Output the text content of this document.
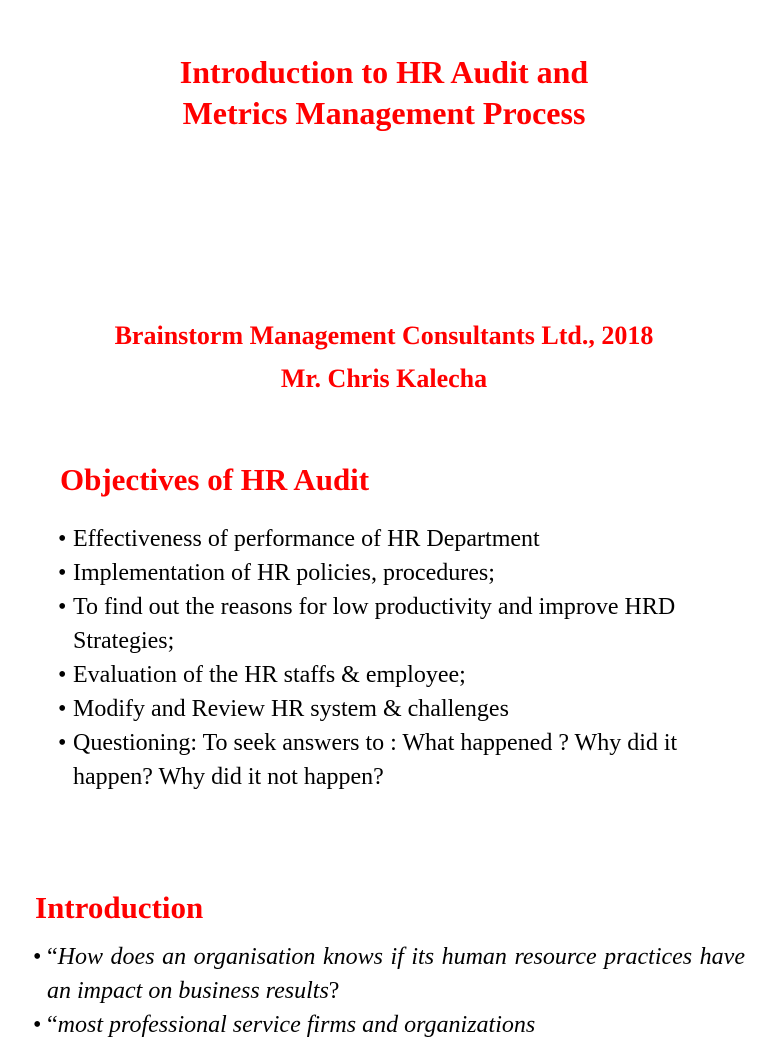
Introduction to HR Audit and
Metrics Management Process
Brainstorm Management Consultants Ltd., 2018
Mr. Chris Kalecha
Objectives of HR Audit
• Effectiveness of performance of HR Department
• Implementation of HR policies, procedures;
• To find out the reasons for low productivity and improve HRD Strategies;
• Evaluation of the HR staffs & employee;
• Modify and Review HR system & challenges
• Questioning: To seek answers to : What happened ? Why did it happen? Why did it not happen?
Introduction
• “How does an organisation knows if its human resource practices have an impact on business results?
• “most professional service firms and organizations
